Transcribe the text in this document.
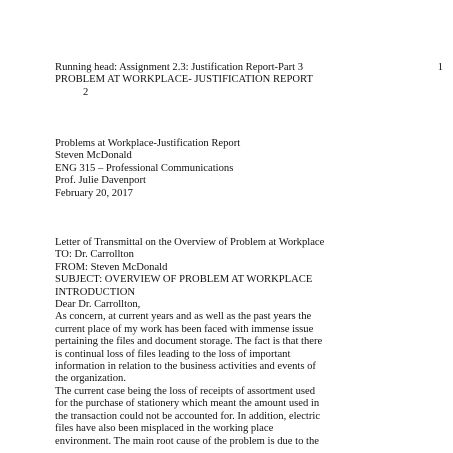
Running head: Assignment 2.3: Justification Report-Part 3	1
PROBLEM AT WORKPLACE- JUSTIFICATION REPORT
2
Problems at Workplace-Justification Report
Steven McDonald
ENG 315 – Professional Communications
Prof. Julie Davenport
February 20, 2017
Letter of Transmittal on the Overview of Problem at Workplace
TO: Dr. Carrollton
FROM: Steven McDonald
SUBJECT: OVERVIEW OF PROBLEM AT WORKPLACE
INTRODUCTION
Dear Dr. Carrollton,
As concern, at current years and as well as the past years the
current place of my work has been faced with immense issue
pertaining the files and document storage. The fact is that there
is continual loss of files leading to the loss of important
information in relation to the business activities and events of
the organization.
The current case being the loss of receipts of assortment used
for the purchase of stationery which meant the amount used in
the transaction could not be accounted for. In addition, electric
files have also been misplaced in the working place
environment. The main root cause of the problem is due to the
